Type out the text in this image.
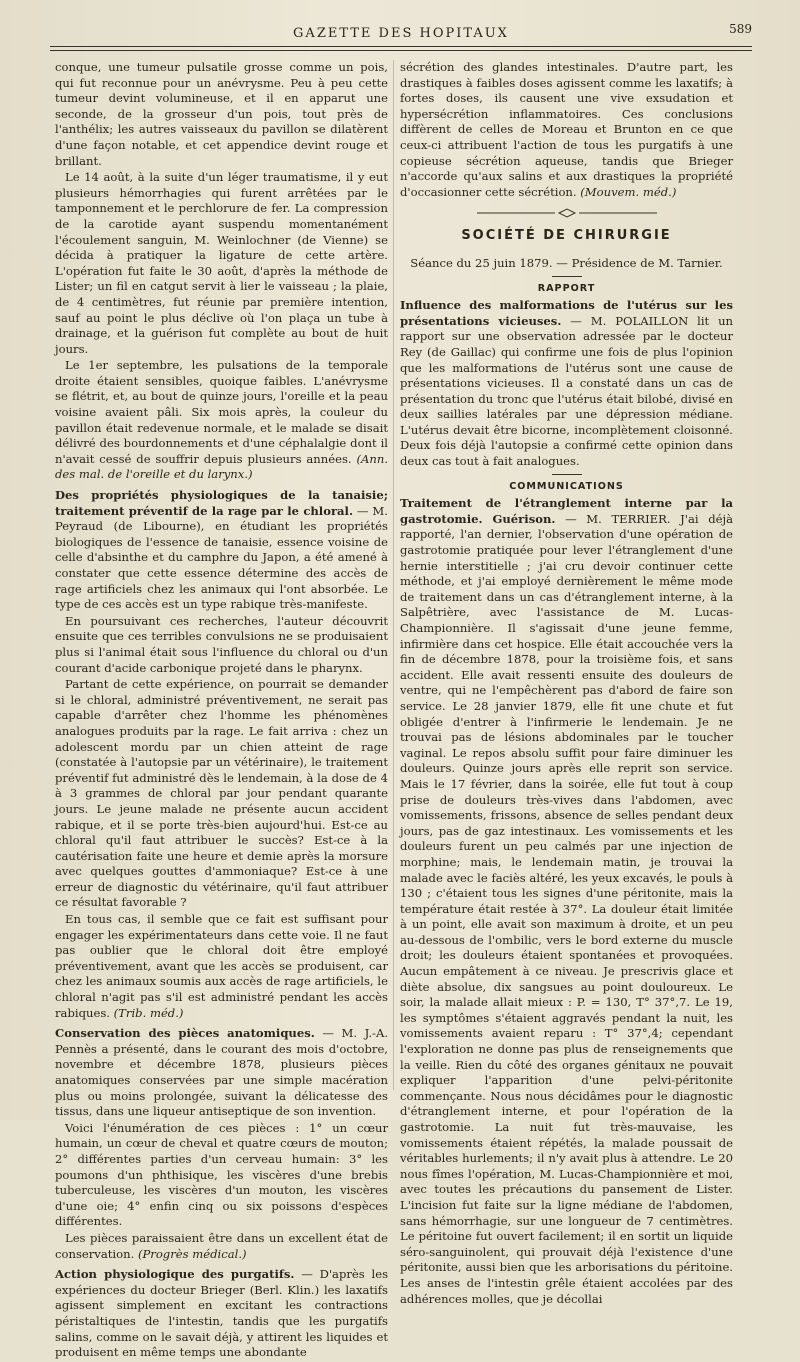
GAZETTE DES HOPITAUX	589

conque, une tumeur pulsatile grosse comme un pois, qui fut reconnue pour un anévrysme. Peu à peu cette tumeur devint volumineuse, et il en apparut une seconde, de la grosseur d'un pois, tout près de l'anthélix; les autres vaisseaux du pavillon se dilatèrent d'une façon notable, et cet appendice devint rouge et brillant.

Le 14 août, à la suite d'un léger traumatisme, il y eut plusieurs hémorrhagies qui furent arrêtées par le tamponnement et le perchlorure de fer. La compression de la carotide ayant suspendu momentanément l'écoulement sanguin, M. Weinlochner (de Vienne) se décida à pratiquer la ligature de cette artère. L'opération fut faite le 30 août, d'après la méthode de Lister; un fil en catgut servit à lier le vaisseau ; la plaie, de 4 centimètres, fut réunie par première intention, sauf au point le plus déclive où l'on plaça un tube à drainage, et la guérison fut complète au bout de huit jours.

Le 1er septembre, les pulsations de la temporale droite étaient sensibles, quoique faibles. L'anévrysme se flétrit, et, au bout de quinze jours, l'oreille et la peau voisine avaient pâli. Six mois après, la couleur du pavillon était redevenue normale, et le malade se disait délivré des bourdonnements et d'une céphalalgie dont il n'avait cessé de souffrir depuis plusieurs années. (Ann. des mal. de l'oreille et du larynx.)

Des propriétés physiologiques de la tanaisie; traitement préventif de la rage par le chloral. — M. Peyraud (de Libourne), en étudiant les propriétés biologiques de l'essence de tanaisie, essence voisine de celle d'absinthe et du camphre du Japon, a été amené à constater que cette essence détermine des accès de rage artificiels chez les animaux qui l'ont absorbée. Le type de ces accès est un type rabique très-manifeste.

En poursuivant ces recherches, l'auteur découvrit ensuite que ces terribles convulsions ne se produisaient plus si l'animal était sous l'influence du chloral ou d'un courant d'acide carbonique projeté dans le pharynx.

Partant de cette expérience, on pourrait se demander si le chloral, administré préventivement, ne serait pas capable d'arrêter chez l'homme les phénomènes analogues produits par la rage. Le fait arriva : chez un adolescent mordu par un chien atteint de rage (constatée à l'autopsie par un vétérinaire), le traitement préventif fut administré dès le lendemain, à la dose de 4 à 3 grammes de chloral par jour pendant quarante jours. Le jeune malade ne présente aucun accident rabique, et il se porte très-bien aujourd'hui. Est-ce au chloral qu'il faut attribuer le succès? Est-ce à la cautérisation faite une heure et demie après la morsure avec quelques gouttes d'ammoniaque? Est-ce à une erreur de diagnostic du vétérinaire, qu'il faut attribuer ce résultat favorable ?

En tous cas, il semble que ce fait est suffisant pour engager les expérimentateurs dans cette voie. Il ne faut pas oublier que le chloral doit être employé préventivement, avant que les accès se produisent, car chez les animaux soumis aux accès de rage artificiels, le chloral n'agit pas s'il est administré pendant les accès rabiques. (Trib. méd.)

Conservation des pièces anatomiques. — M. J.-A. Pennès a présenté, dans le courant des mois d'octobre, novembre et décembre 1878, plusieurs pièces anatomiques conservées par une simple macération plus ou moins prolongée, suivant la délicatesse des tissus, dans une liqueur antiseptique de son invention.

Voici l'énumération de ces pièces : 1° un cœur humain, un cœur de cheval et quatre cœurs de mouton; 2° différentes parties d'un cerveau humain: 3° les poumons d'un phthisique, les viscères d'une brebis tuberculeuse, les viscères d'un mouton, les viscères d'une oie; 4° enfin cinq ou six poissons d'espèces différentes.

Les pièces paraissaient être dans un excellent état de conservation. (Progrès médical.)

Action physiologique des purgatifs. — D'après les expériences du docteur Brieger (Berl. Klin.) les laxatifs agissent simplement en excitant les contractions péristaltiques de l'intestin, tandis que les purgatifs salins, comme on le savait déjà, y attirent les liquides et produisent en même temps une abondante

sécrétion des glandes intestinales. D'autre part, les drastiques à faibles doses agissent comme les laxatifs; à fortes doses, ils causent une vive exsudation et hypersécrétion inflammatoires. Ces conclusions diffèrent de celles de Moreau et Brunton en ce que ceux-ci attribuent l'action de tous les purgatifs à une copieuse sécrétion aqueuse, tandis que Brieger n'accorde qu'aux salins et aux drastiques la propriété d'occasionner cette sécrétion. (Mouvem. méd.)

SOCIÉTÉ DE CHIRURGIE

Séance du 25 juin 1879. — Présidence de M. Tarnier.

RAPPORT

Influence des malformations de l'utérus sur les présentations vicieuses. — M. POLAILLON lit un rapport sur une observation adressée par le docteur Rey (de Gaillac) qui confirme une fois de plus l'opinion que les malformations de l'utérus sont une cause de présentations vicieuses. Il a constaté dans un cas de présentation du tronc que l'utérus était bilobé, divisé en deux saillies latérales par une dépression médiane. L'utérus devait être bicorne, incomplètement cloisonné. Deux fois déjà l'autopsie a confirmé cette opinion dans deux cas tout à fait analogues.

COMMUNICATIONS

Traitement de l'étranglement interne par la gastrotomie. Guérison. — M. TERRIER. J'ai déjà rapporté, l'an dernier, l'observation d'une opération de gastrotomie pratiquée pour lever l'étranglement d'une hernie interstitielle ; j'ai cru devoir continuer cette méthode, et j'ai employé dernièrement le même mode de traitement dans un cas d'étranglement interne, à la Salpêtrière, avec l'assistance de M. Lucas-Championnière. Il s'agissait d'une jeune femme, infirmière dans cet hospice. Elle était accouchée vers la fin de décembre 1878, pour la troisième fois, et sans accident. Elle avait ressenti ensuite des douleurs de ventre, qui ne l'empêchèrent pas d'abord de faire son service. Le 28 janvier 1879, elle fit une chute et fut obligée d'entrer à l'infirmerie le lendemain. Je ne trouvai pas de lésions abdominales par le toucher vaginal. Le repos absolu suffit pour faire diminuer les douleurs. Quinze jours après elle reprit son service. Mais le 17 février, dans la soirée, elle fut tout à coup prise de douleurs très-vives dans l'abdomen, avec vomissements, frissons, absence de selles pendant deux jours, pas de gaz intestinaux. Les vomissements et les douleurs furent un peu calmés par une injection de morphine; mais, le lendemain matin, je trouvai la malade avec le faciès altéré, les yeux excavés, le pouls à 130 ; c'étaient tous les signes d'une péritonite, mais la température était restée à 37°. La douleur était limitée à un point, elle avait son maximum à droite, et un peu au-dessous de l'ombilic, vers le bord externe du muscle droit; les douleurs étaient spontanées et provoquées. Aucun empâtement à ce niveau. Je prescrivis glace et diète absolue, dix sangsues au point douloureux. Le soir, la malade allait mieux : P. = 130, T° 37°,7. Le 19, les symptômes s'étaient aggravés pendant la nuit, les vomissements avaient reparu : T° 37°,4; cependant l'exploration ne donne pas plus de renseignements que la veille. Rien du côté des organes génitaux ne pouvait expliquer l'apparition d'une pelvi-péritonite commençante. Nous nous décidâmes pour le diagnostic d'étranglement interne, et pour l'opération de la gastrotomie. La nuit fut très-mauvaise, les vomissements étaient répétés, la malade poussait de véritables hurlements; il n'y avait plus à attendre. Le 20 nous fîmes l'opération, M. Lucas-Championnière et moi, avec toutes les précautions du pansement de Lister. L'incision fut faite sur la ligne médiane de l'abdomen, sans hémorrhagie, sur une longueur de 7 centimètres. Le péritoine fut ouvert facilement; il en sortit un liquide séro-sanguinolent, qui prouvait déjà l'existence d'une péritonite, aussi bien que les arborisations du péritoine. Les anses de l'intestin grêle étaient accolées par des adhérences molles, que je décollai
